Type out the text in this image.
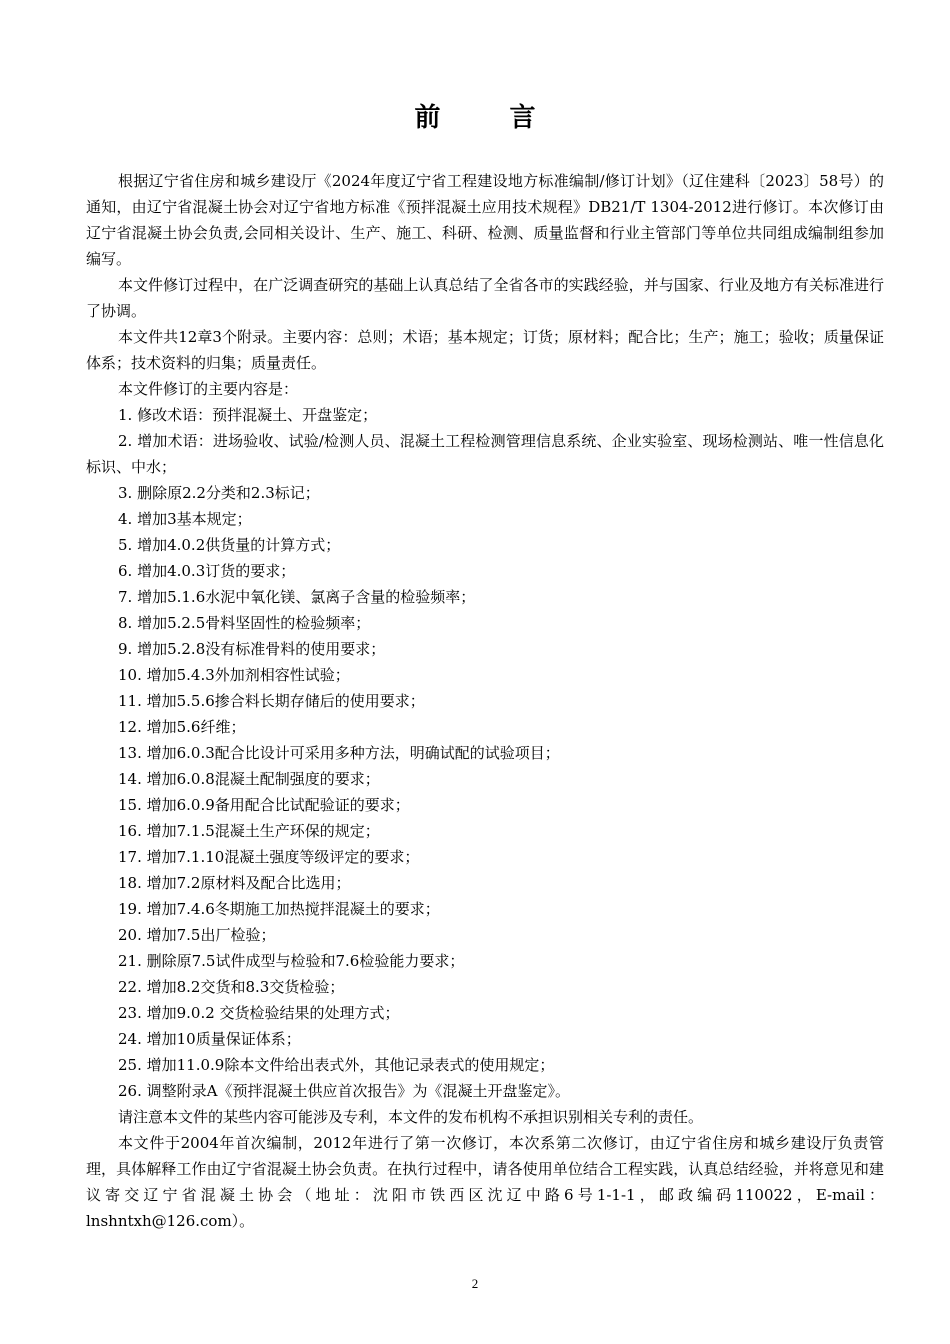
前 言

根据辽宁省住房和城乡建设厅《2024年度辽宁省工程建设地方标准编制/修订计划》（辽住建科〔2023〕58号）的通知，由辽宁省混凝土协会对辽宁省地方标准《预拌混凝土应用技术规程》DB21/T 1304-2012进行修订。本次修订由辽宁省混凝土协会负责,会同相关设计、生产、施工、科研、检测、质量监督和行业主管部门等单位共同组成编制组参加编写。

本文件修订过程中，在广泛调查研究的基础上认真总结了全省各市的实践经验，并与国家、行业及地方有关标准进行了协调。

本文件共12章3个附录。主要内容：总则；术语；基本规定；订货；原材料；配合比；生产；施工；验收；质量保证体系；技术资料的归集；质量责任。

本文件修订的主要内容是：

1. 修改术语：预拌混凝土、开盘鉴定；
2. 增加术语：进场验收、试验/检测人员、混凝土工程检测管理信息系统、企业实验室、现场检测站、唯一性信息化标识、中水；
3. 删除原2.2分类和2.3标记；
4. 增加3基本规定；
5. 增加4.0.2供货量的计算方式；
6. 增加4.0.3订货的要求；
7. 增加5.1.6水泥中氧化镁、氯离子含量的检验频率；
8. 增加5.2.5骨料坚固性的检验频率；
9. 增加5.2.8没有标准骨料的使用要求；
10. 增加5.4.3外加剂相容性试验；
11. 增加5.5.6掺合料长期存储后的使用要求；
12. 增加5.6纤维；
13. 增加6.0.3配合比设计可采用多种方法，明确试配的试验项目；
14. 增加6.0.8混凝土配制强度的要求；
15. 增加6.0.9备用配合比试配验证的要求；
16. 增加7.1.5混凝土生产环保的规定；
17. 增加7.1.10混凝土强度等级评定的要求；
18. 增加7.2原材料及配合比选用；
19. 增加7.4.6冬期施工加热搅拌混凝土的要求；
20. 增加7.5出厂检验；
21. 删除原7.5试件成型与检验和7.6检验能力要求；
22. 增加8.2交货和8.3交货检验；
23. 增加9.0.2 交货检验结果的处理方式；
24. 增加10质量保证体系；
25. 增加11.0.9除本文件给出表式外，其他记录表式的使用规定；
26. 调整附录A《预拌混凝土供应首次报告》为《混凝土开盘鉴定》。

请注意本文件的某些内容可能涉及专利，本文件的发布机构不承担识别相关专利的责任。

本文件于2004年首次编制，2012年进行了第一次修订，本次系第二次修订，由辽宁省住房和城乡建设厅负责管理，具体解释工作由辽宁省混凝土协会负责。在执行过程中，请各使用单位结合工程实践，认真总结经验，并将意见和建议寄交辽宁省混凝土协会（地址：沈阳市铁西区沈辽中路6号1-1-1，邮政编码110022，E-mail：lnshntxh@126.com）。

2
